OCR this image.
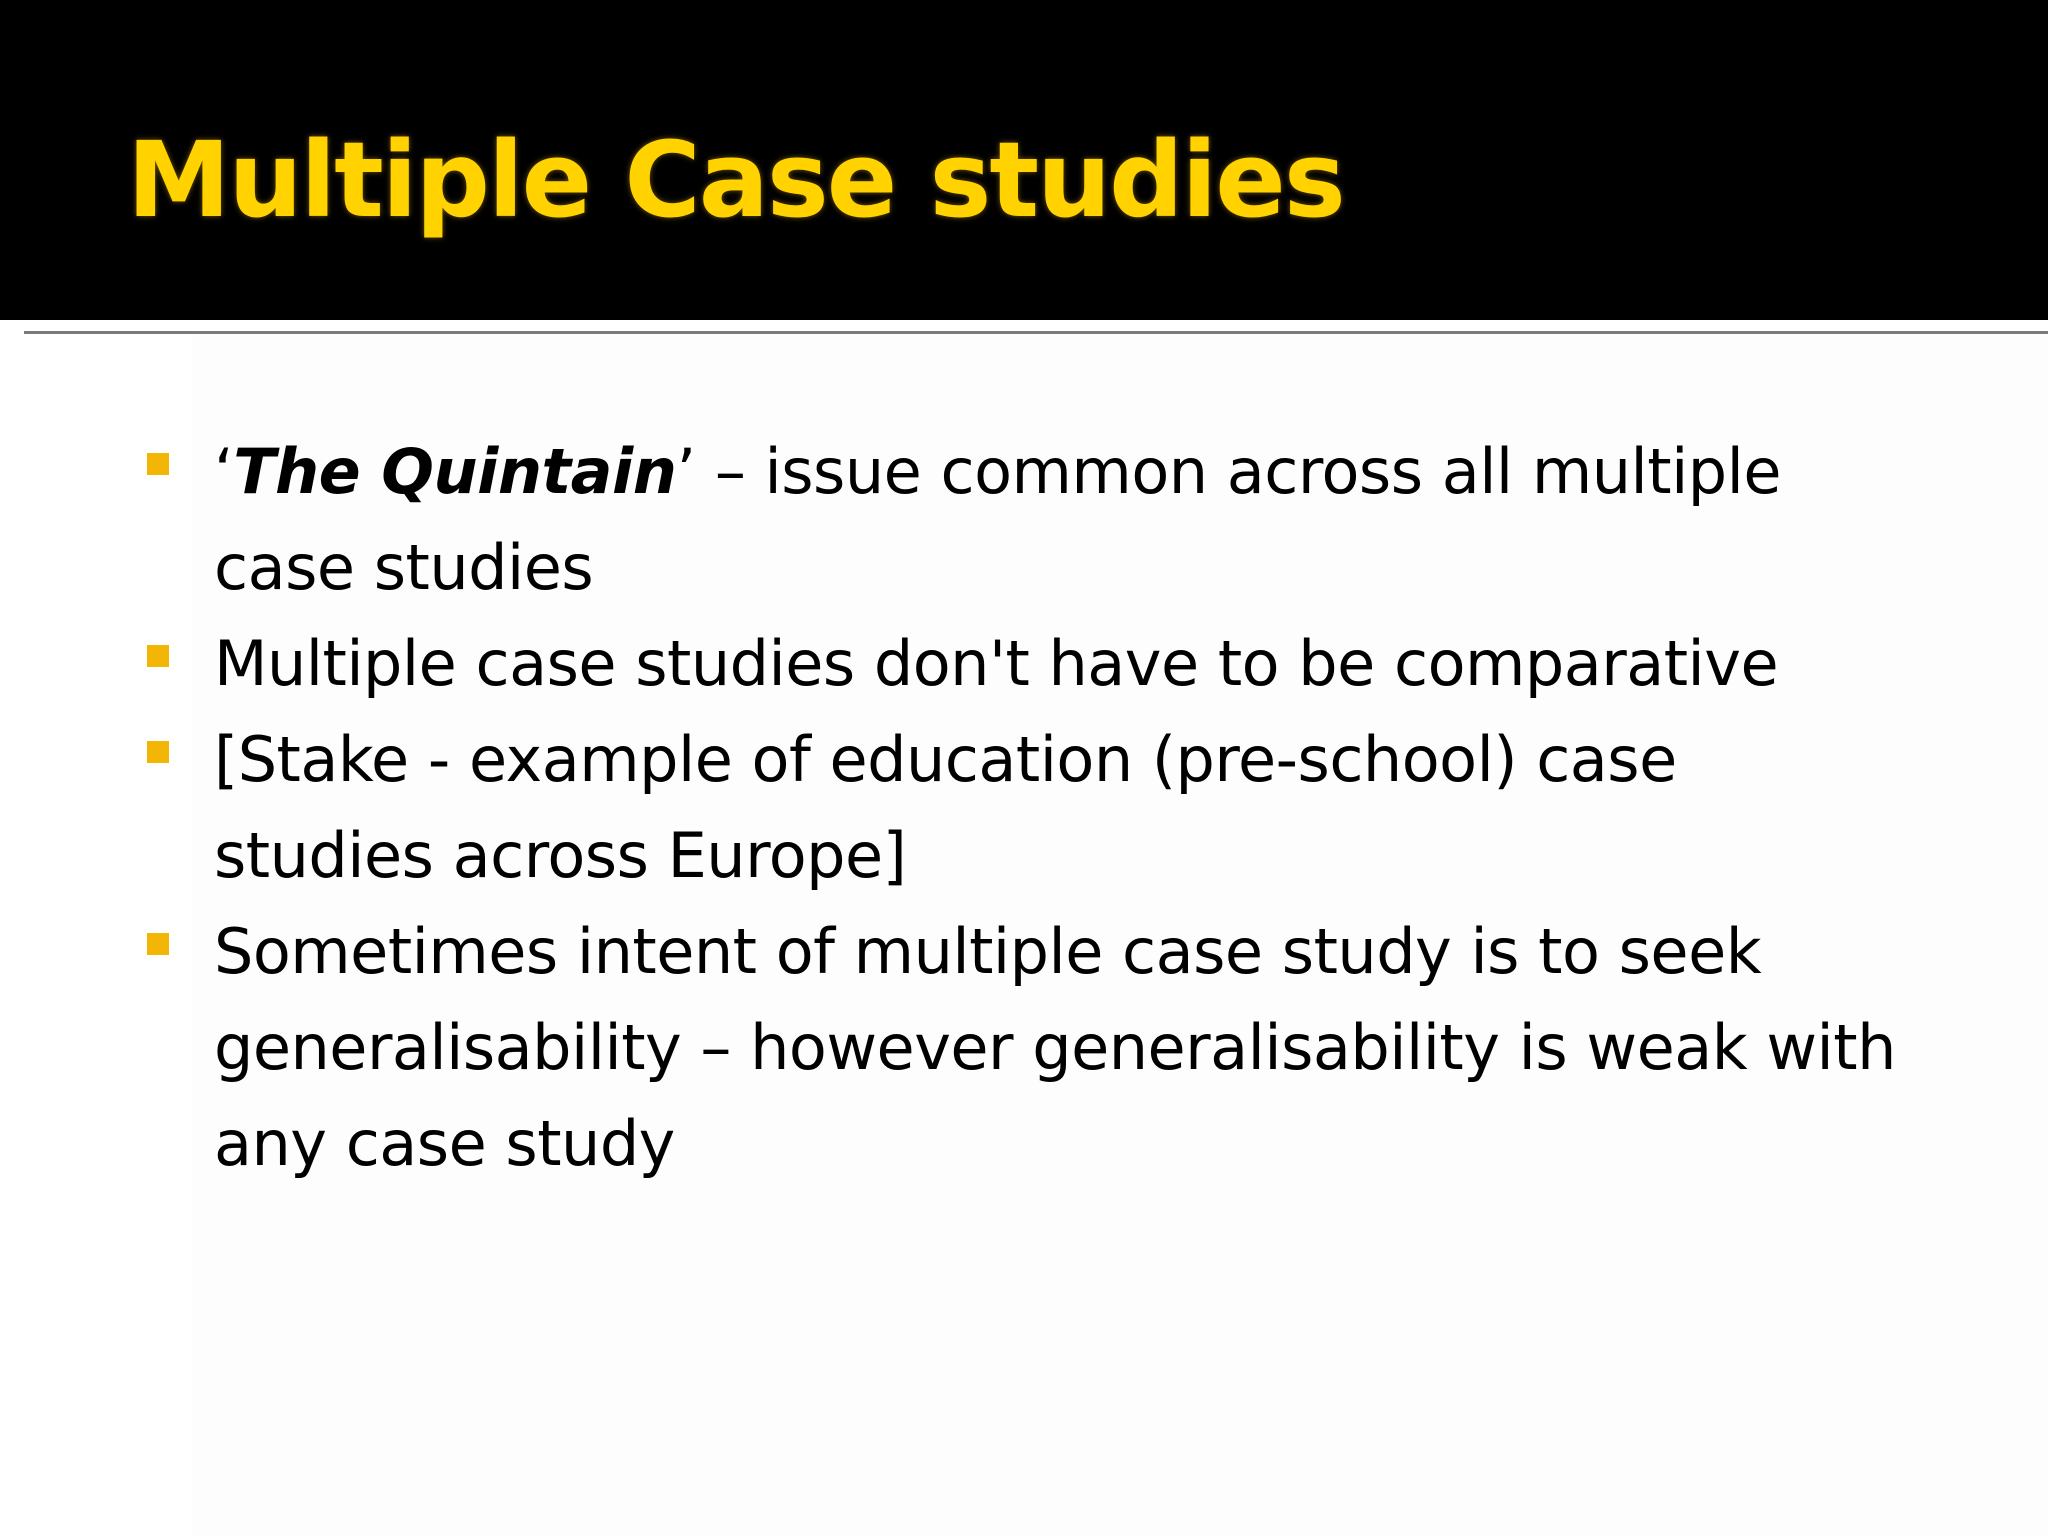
Multiple Case studies
‘The Quintain’ – issue common across all multiple case studies
Multiple case studies don't have to be comparative
[Stake - example of education (pre-school) case studies across Europe]
Sometimes intent of multiple case study is to seek generalisability – however generalisability is weak with any case study
